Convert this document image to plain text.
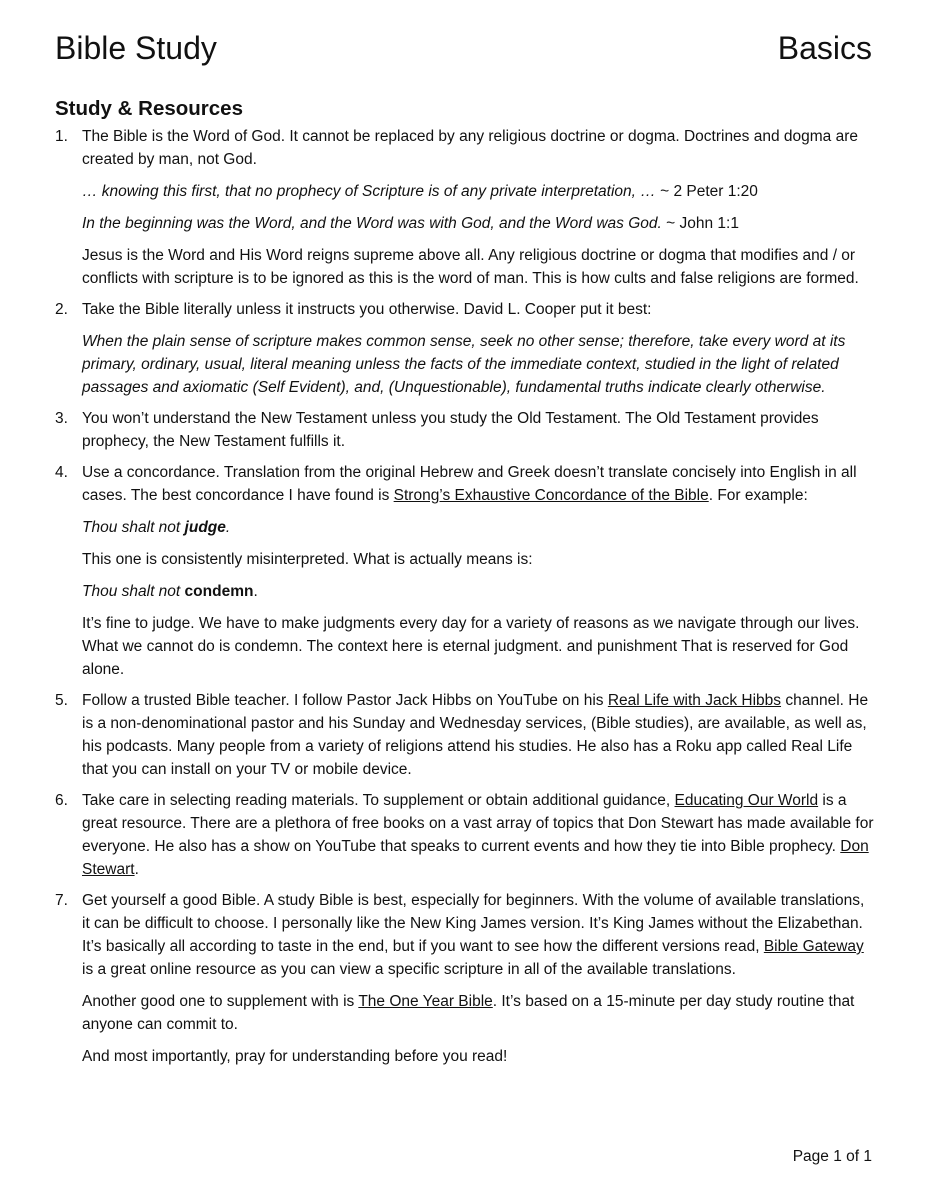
Bible Study	Basics
Study & Resources
1. The Bible is the Word of God. It cannot be replaced by any religious doctrine or dogma. Doctrines and dogma are created by man, not God.

… knowing this first, that no prophecy of Scripture is of any private interpretation, … ~ 2 Peter 1:20

In the beginning was the Word, and the Word was with God, and the Word was God. ~ John 1:1

Jesus is the Word and His Word reigns supreme above all. Any religious doctrine or dogma that modifies and / or conflicts with scripture is to be ignored as this is the word of man. This is how cults and false religions are formed.

2. Take the Bible literally unless it instructs you otherwise. David L. Cooper put it best:

When the plain sense of scripture makes common sense, seek no other sense; therefore, take every word at its primary, ordinary, usual, literal meaning unless the facts of the immediate context, studied in the light of related passages and axiomatic (Self Evident), and, (Unquestionable), fundamental truths indicate clearly otherwise.

3. You won’t understand the New Testament unless you study the Old Testament. The Old Testament provides prophecy, the New Testament fulfills it.

4. Use a concordance. Translation from the original Hebrew and Greek doesn’t translate concisely into English in all cases. The best concordance I have found is Strong’s Exhaustive Concordance of the Bible. For example:

Thou shalt not judge.

This one is consistently misinterpreted. What is actually means is:

Thou shalt not condemn.

It’s fine to judge. We have to make judgments every day for a variety of reasons as we navigate through our lives. What we cannot do is condemn. The context here is eternal judgment. and punishment That is reserved for God alone.

5. Follow a trusted Bible teacher. I follow Pastor Jack Hibbs on YouTube on his Real Life with Jack Hibbs channel. He is a non-denominational pastor and his Sunday and Wednesday services, (Bible studies), are available, as well as, his podcasts. Many people from a variety of religions attend his studies. He also has a Roku app called Real Life that you can install on your TV or mobile device.

6. Take care in selecting reading materials. To supplement or obtain additional guidance, Educating Our World is a great resource. There are a plethora of free books on a vast array of topics that Don Stewart has made available for everyone. He also has a show on YouTube that speaks to current events and how they tie into Bible prophecy. Don Stewart.

7. Get yourself a good Bible. A study Bible is best, especially for beginners. With the volume of available translations, it can be difficult to choose. I personally like the New King James version. It’s King James without the Elizabethan. It’s basically all according to taste in the end, but if you want to see how the different versions read, Bible Gateway is a great online resource as you can view a specific scripture in all of the available translations.

Another good one to supplement with is The One Year Bible. It’s based on a 15-minute per day study routine that anyone can commit to.

And most importantly, pray for understanding before you read!

Page 1 of 1
